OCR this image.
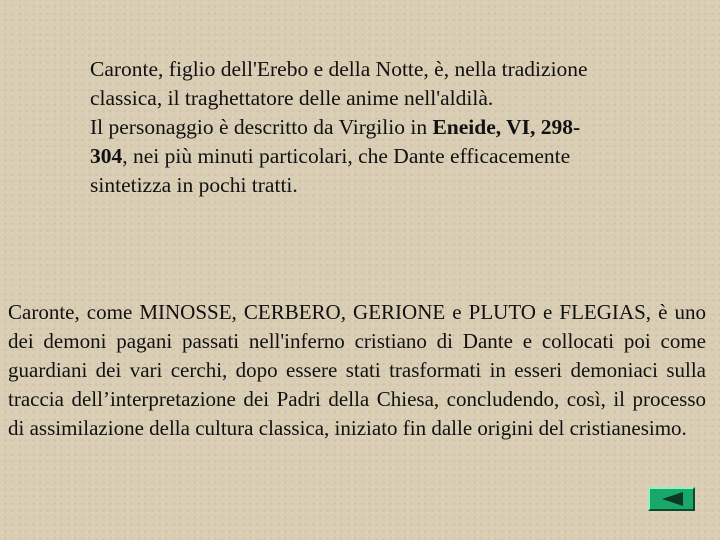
Caronte, figlio dell'Erebo e della Notte, è, nella tradizione classica, il traghettatore delle anime nell'aldilà.

Il personaggio è descritto da Virgilio in Eneide, VI, 298-304, nei più minuti particolari, che Dante efficacemente sintetizza in pochi tratti.

Caronte, come MINOSSE, CERBERO, GERIONE e PLUTO e FLEGIAS, è uno dei demoni pagani passati nell'inferno cristiano di Dante e collocati poi come guardiani dei vari cerchi, dopo essere stati trasformati in esseri demoniaci sulla traccia dell’interpretazione dei Padri della Chiesa, concludendo, così, il processo di assimilazione della cultura classica, iniziato fin dalle origini del cristianesimo.
